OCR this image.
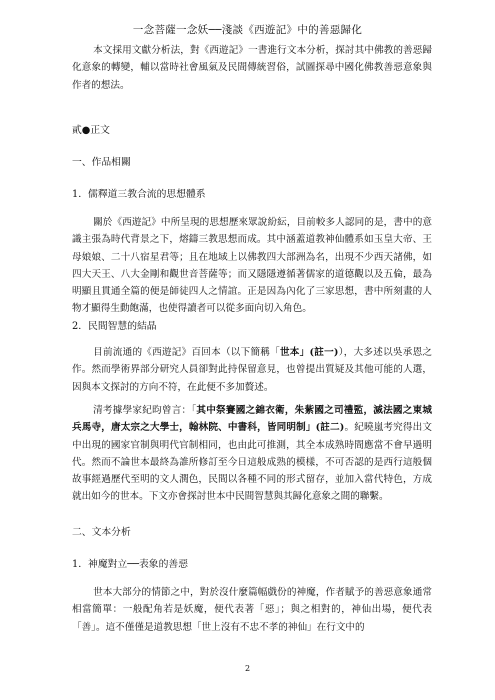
一念菩薩一念妖──淺談《西遊記》中的善惡歸化

本文採用文獻分析法，對《西遊記》一書進行文本分析，探討其中佛教的善惡歸化意象的轉變，輔以當時社會風氣及民間傳統習俗，試圖探尋中國化佛教善惡意象與作者的想法。

貳●正文
一、作品相關
1．儒釋道三教合流的思想體系

關於《西遊記》中所呈現的思想歷來眾說紛紜，目前較多人認同的是，書中的意識主張為時代背景之下，熔鑄三教思想而成。其中涵蓋道教神仙體系如玉皇大帝、王母娘娘、二十八宿星君等；且在地域上以佛教四大部洲為名，出現不少西天諸佛，如四大天王、八大金剛和觀世音菩薩等；而又隱隱遵循著儒家的道德觀以及五倫，最為明顯且貫通全篇的便是師徒四人之情誼。正是因為內化了三家思想，書中所刻畫的人物才顯得生動飽滿，也使得讀者可以從多面向切入角色。

2．民間智慧的結晶

目前流通的《西遊記》百回本（以下簡稱「世本」(註一)），大多述以吳承恩之作。然而學術界部分研究人員卻對此持保留意見，也曾提出質疑及其他可能的人選，因與本文探討的方向不符，在此便不多加贅述。

清考據學家紀昀曾言：「其中祭賽國之錦衣衛，朱紫國之司禮監，滅法國之東城兵馬寺，唐太宗之大學士，翰林院、中書科，皆同明制」(註二)。紀曉嵐考究得出文中出現的國家官制與明代官制相同，也由此可推測，其全本成熟時間應當不會早過明代。然而不論世本最終為誰所修訂至今日這般成熟的模樣，不可否認的是西行這般個故事經過歷代至明的文人潤色，民間以各種不同的形式留存，並加入當代特色，方成就出如今的世本。下文亦會探討世本中民間智慧與其歸化意象之間的聯繫。

二、文本分析
1．神魔對立──表象的善惡

世本大部分的情節之中，對於沒什麼篇幅戲份的神魔，作者賦予的善惡意象通常相當簡單：一般配角若是妖魔，便代表著「惡」；與之相對的，神仙出場，便代表「善」。這不僅僅是道教思想「世上沒有不忠不孝的神仙」在行文中的

2
